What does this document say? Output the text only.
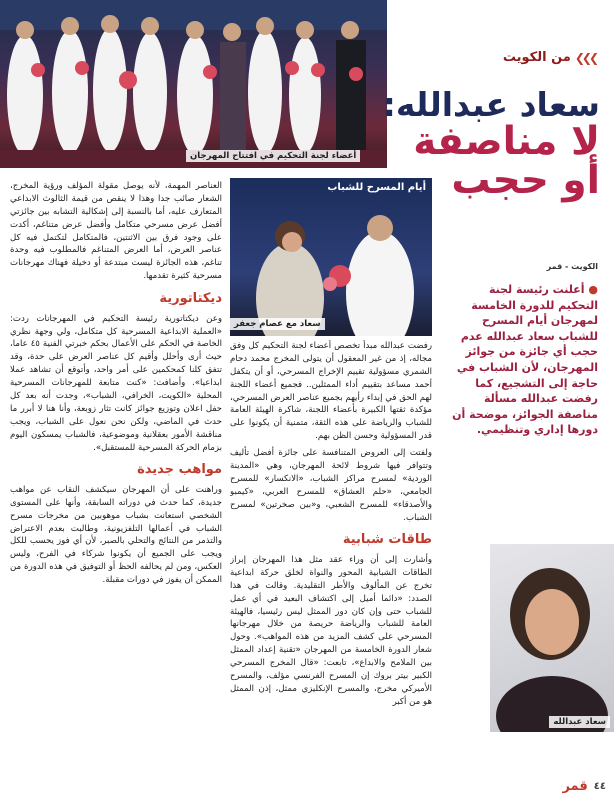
أعضاء لجنة التحكيم في افتتاح المهرجان
❯❯❯
من الكويت
سعاد عبدالله:
لا مناصفة
أو حجب
الكويت - قمر
● أعلنت رئيسة لجنة التحكيم للدورة الخامسة لمهرجان أيام المسرح للشباب سعاد عبدالله عدم حجب أي جائزة من جوائز المهرجان، لأن الشباب في حاجة إلى التشجيع، كما رفضت عبدالله مسألة مناصفة الجوائز، موضحة أن دورها إداري وتنظيمي.
سعاد عبدالله
أيام المسرح للشباب
سعاد مع عصام جعفر

رفضت عبدالله مبدأ تخصص أعضاء لجنة التحكيم كل وفق مجاله، إذ من غير المعقول أن يتولى المخرج محمد دحام الشمري مسؤولية تقييم الإخراج المسرحي، أو أن يتكفل أحمد مساعد بتقييم أداء الممثلين.. فجميع أعضاء اللجنة لهم الحق في إبداء رأيهم بجميع عناصر العرض المسرحي، مؤكدة ثقتها الكبيرة بأعضاء اللجنة، شاكرة الهيئة العامة للشباب والرياضة على هذه الثقة، متمنية أن يكونوا على قدر المسؤولية وحسن الظن بهم.

ولفتت إلى العروض المتنافسة على جائزة أفضل تأليف وتتوافر فيها شروط لائحة المهرجان، وهي «المدينة الوردية» لمسرح مراكز الشباب، «الانكسار» للمسرح الجامعي، «حلم العشاق» للمسرح العربي، «كيمبو والأصدقاء» للمسرح الشعبي، و«بين صخرتين» لمسرح الشباب.

طاقات شبابية

وأشارت إلى أن وراء عقد مثل هذا المهرجان إبراز الطاقات الشبابية المحور والنواة لخلق حركة ابداعية تخرج عن المألوف والأطر التقليدية. وقالت في هذا الصدد: «دائما أميل إلى اكتشاف البعيد في أي عمل للشباب حتى وإن كان دور الممثل ليس رئيسيا، فالهيئة العامة للشباب والرياضة حريصة من خلال مهرجانها المسرحي على كشف المزيد من هذه المواهب». وحول شعار الدورة الخامسة من المهرجان «تقنية إعداد الممثل بين الملامح والابداع»، تابعت: «قال المخرج المسرحي الكبير بيتر بروك إن المسرح الفرنسي مؤلف، والمسرح الأميركي مخرج، والمسرح الإنكليزي ممثل، إذن الممثل هو من أكبر

العناصر المهمة، لأنه يوصل مقولة المؤلف ورؤية المخرج، الشعار صائب جدا وهذا لا ينقص من قيمة الثالوث الابداعي المتعارف عليه، أما بالنسبة إلى إشكالية التشابه بين جائزتي أفضل عرض مسرحي متكامل وأفضل عرض متناغم، أكدت على وجود فرق بين الاثنتين، فالمتكامل لتكتمل فيه كل عناصر العرض، أما العرض المتناغم فالمطلوب فيه وحدة تناغم، هذه الجائزة ليست مبتدعة أو دخيلة فهناك مهرجانات مسرحية كثيرة تقدمها.

ديكتاتورية

وعن ديكتاتورية رئيسة التحكيم في المهرجانات ردت: «العملية الابداعية المسرحية كل متكامل، ولي وجهة نظري الخاصة في الحكم على الأعمال بحكم خبرتي الفنية ٤٥ عاما، حيث أرى وأحلل وأقيم كل عناصر العرض على حدة، وقد تتفق كلنا كمحكمين على أمر واحد، وأتوقع أن تشاهد عملا ابداعيا». وأضافت: «كنت متابعة للمهرجانات المسرحية المحلية «الكويت، الخرافي، الشباب»، وجدت أنه بعد كل حفل اعلان وتوزيع جوائز كانت تثار زوبعة، وأنا هنا لا أبرر ما حدث في الماضي، ولكن نحن نعول على الشباب، ويجب مناقشة الأمور بعقلانية وموضوعية، فالشباب يمسكون اليوم بزمام الحركة المسرحية للمستقبل».

مواهب جديدة

وراهنت على أن المهرجان سيكشف النقاب عن مواهب جديدة، كما حدث في دوراته السابقة، وأنها على المستوى الشخصي استعانت بشباب موهوبين من مخرجات مسرح الشباب في أعمالها التلفزيونية، وطالبت بعدم الاعتراض والتذمر من النتائج والتحلي بالصبر، لأن أي فوز يحسب للكل ويجب على الجميع أن يكونوا شركاء في الفرح، وليس العكس، ومن لم يحالفه الحظ أو التوفيق في هذه الدورة من الممكن أن يفوز في دورات مقبلة.

قمر ٤٤
